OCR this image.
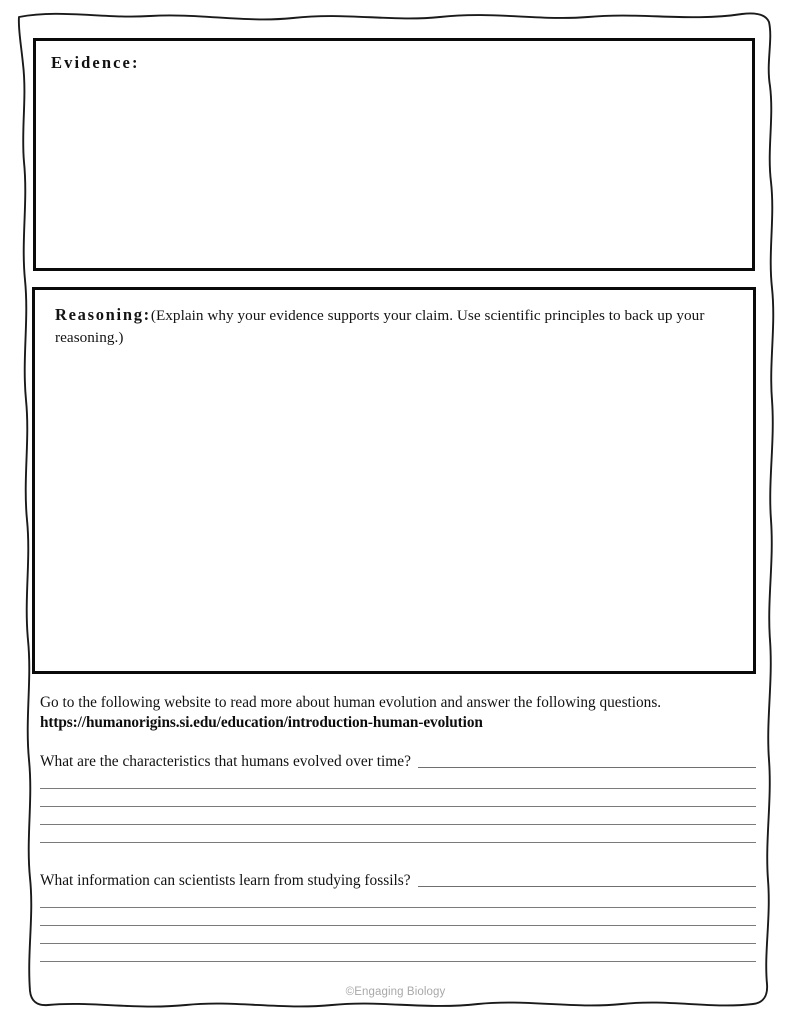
Evidence:
Reasoning:(Explain why your evidence supports your claim. Use scientific principles to back up your reasoning.)
Go to the following website to read more about human evolution and answer the following questions.
https://humanorigins.si.edu/education/introduction-human-evolution
What are the characteristics that humans evolved over time?
What information can scientists learn from studying fossils?
©Engaging Biology
